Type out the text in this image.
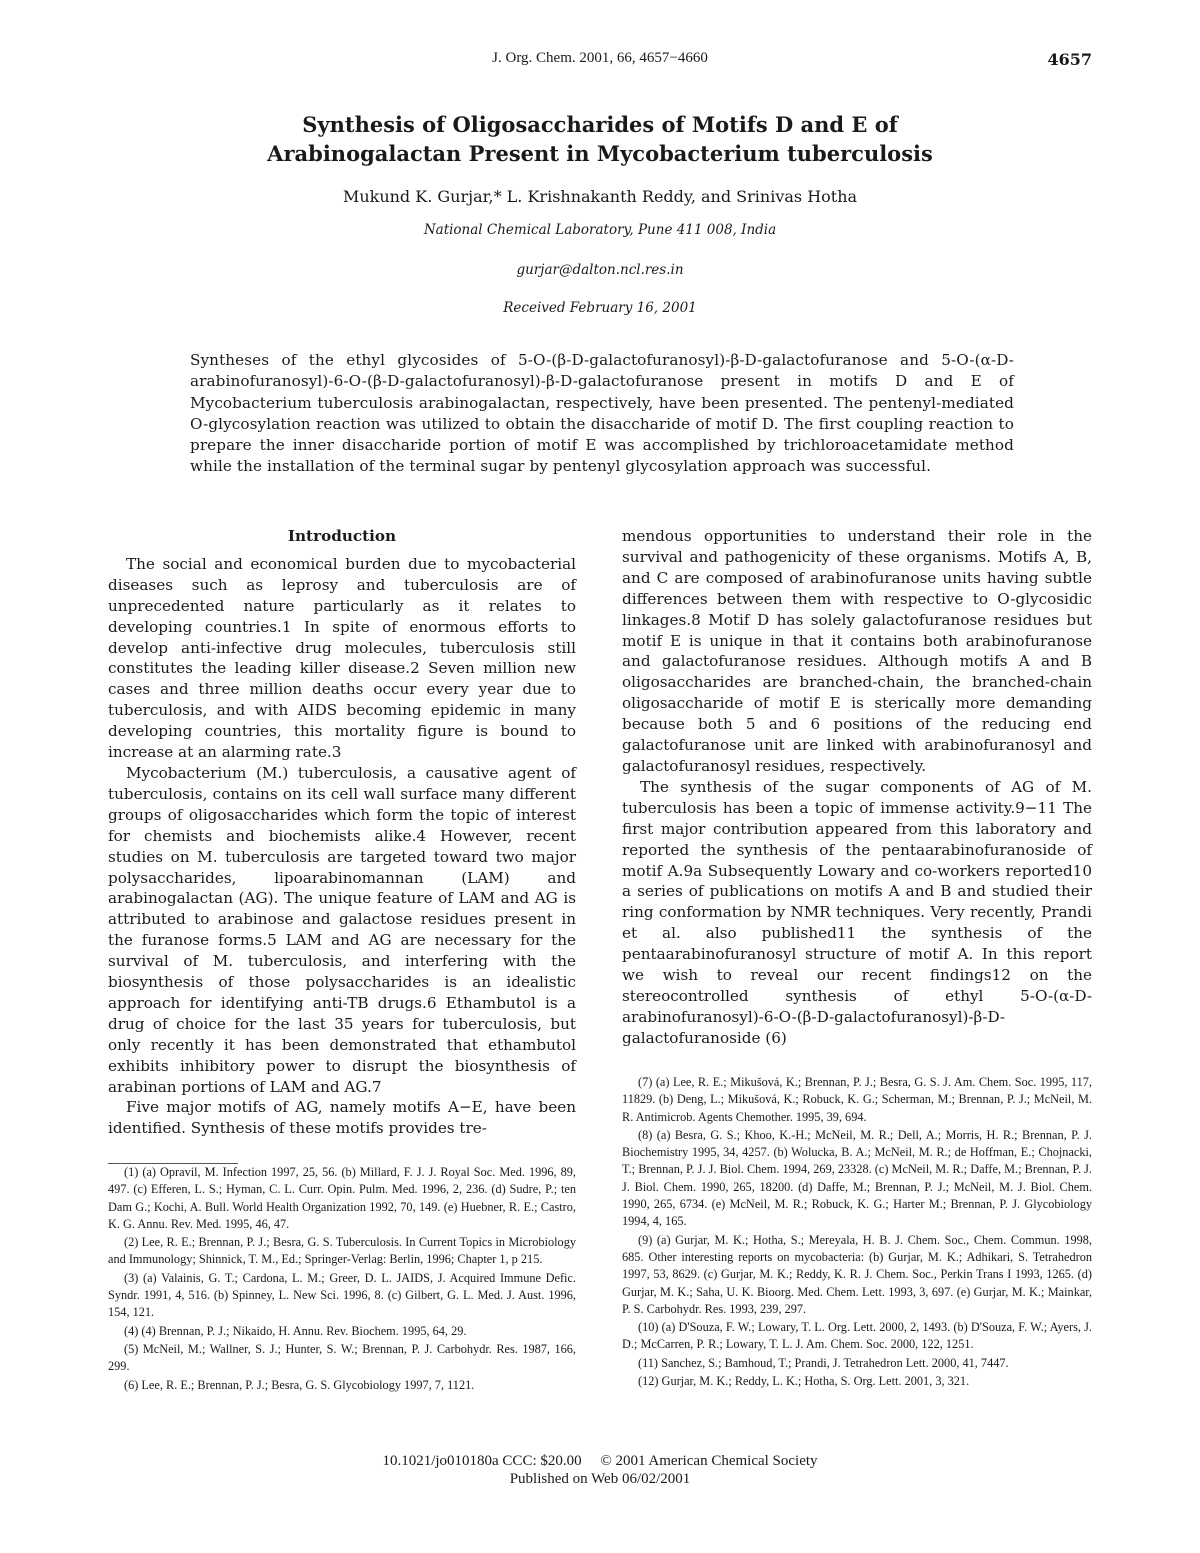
J. Org. Chem. 2001, 66, 4657−4660	4657
Synthesis of Oligosaccharides of Motifs D and E of
Arabinogalactan Present in Mycobacterium tuberculosis
Mukund K. Gurjar,* L. Krishnakanth Reddy, and Srinivas Hotha
National Chemical Laboratory, Pune 411 008, India
gurjar@dalton.ncl.res.in
Received February 16, 2001
Syntheses of the ethyl glycosides of 5-O-(β-D-galactofuranosyl)-β-D-galactofuranose and 5-O-(α-D-arabinofuranosyl)-6-O-(β-D-galactofuranosyl)-β-D-galactofuranose present in motifs D and E of Mycobacterium tuberculosis arabinogalactan, respectively, have been presented. The pentenyl-mediated O-glycosylation reaction was utilized to obtain the disaccharide of motif D. The first coupling reaction to prepare the inner disaccharide portion of motif E was accomplished by trichloroacetamidate method while the installation of the terminal sugar by pentenyl glycosylation approach was successful.
Introduction

The social and economical burden due to mycobacterial diseases such as leprosy and tuberculosis are of unprecedented nature particularly as it relates to developing countries.1 In spite of enormous efforts to develop anti-infective drug molecules, tuberculosis still constitutes the leading killer disease.2 Seven million new cases and three million deaths occur every year due to tuberculosis, and with AIDS becoming epidemic in many developing countries, this mortality figure is bound to increase at an alarming rate.3

Mycobacterium (M.) tuberculosis, a causative agent of tuberculosis, contains on its cell wall surface many different groups of oligosaccharides which form the topic of interest for chemists and biochemists alike.4 However, recent studies on M. tuberculosis are targeted toward two major polysaccharides, lipoarabinomannan (LAM) and arabinogalactan (AG). The unique feature of LAM and AG is attributed to arabinose and galactose residues present in the furanose forms.5 LAM and AG are necessary for the survival of M. tuberculosis, and interfering with the biosynthesis of those polysaccharides is an idealistic approach for identifying anti-TB drugs.6 Ethambutol is a drug of choice for the last 35 years for tuberculosis, but only recently it has been demonstrated that ethambutol exhibits inhibitory power to disrupt the biosynthesis of arabinan portions of LAM and AG.7

Five major motifs of AG, namely motifs A−E, have been identified. Synthesis of these motifs provides tre-

mendous opportunities to understand their role in the survival and pathogenicity of these organisms. Motifs A, B, and C are composed of arabinofuranose units having subtle differences between them with respective to O-glycosidic linkages.8 Motif D has solely galactofuranose residues but motif E is unique in that it contains both arabinofuranose and galactofuranose residues. Although motifs A and B oligosaccharides are branched-chain, the branched-chain oligosaccharide of motif E is sterically more demanding because both 5 and 6 positions of the reducing end galactofuranose unit are linked with arabinofuranosyl and galactofuranosyl residues, respectively.

The synthesis of the sugar components of AG of M. tuberculosis has been a topic of immense activity.9−11 The first major contribution appeared from this laboratory and reported the synthesis of the pentaarabinofuranoside of motif A.9a Subsequently Lowary and co-workers reported10 a series of publications on motifs A and B and studied their ring conformation by NMR techniques. Very recently, Prandi et al. also published11 the synthesis of the pentaarabinofuranosyl structure of motif A. In this report we wish to reveal our recent findings12 on the stereocontrolled synthesis of ethyl 5-O-(α-D-arabinofuranosyl)-6-O-(β-D-galactofuranosyl)-β-D-galactofuranoside (6)

(1) (a) Opravil, M. Infection 1997, 25, 56. (b) Millard, F. J. J. Royal Soc. Med. 1996, 89, 497. (c) Efferen, L. S.; Hyman, C. L. Curr. Opin. Pulm. Med. 1996, 2, 236. (d) Sudre, P.; ten Dam G.; Kochi, A. Bull. World Health Organization 1992, 70, 149. (e) Huebner, R. E.; Castro, K. G. Annu. Rev. Med. 1995, 46, 47.

(2) Lee, R. E.; Brennan, P. J.; Besra, G. S. Tuberculosis. In Current Topics in Microbiology and Immunology; Shinnick, T. M., Ed.; Springer-Verlag: Berlin, 1996; Chapter 1, p 215.

(3) (a) Valainis, G. T.; Cardona, L. M.; Greer, D. L. JAIDS, J. Acquired Immune Defic. Syndr. 1991, 4, 516. (b) Spinney, L. New Sci. 1996, 8. (c) Gilbert, G. L. Med. J. Aust. 1996, 154, 121.

(4) (4) Brennan, P. J.; Nikaido, H. Annu. Rev. Biochem. 1995, 64, 29.

(5) McNeil, M.; Wallner, S. J.; Hunter, S. W.; Brennan, P. J. Carbohydr. Res. 1987, 166, 299.

(6) Lee, R. E.; Brennan, P. J.; Besra, G. S. Glycobiology 1997, 7, 1121.

(7) (a) Lee, R. E.; Mikušová, K.; Brennan, P. J.; Besra, G. S. J. Am. Chem. Soc. 1995, 117, 11829. (b) Deng, L.; Mikušová, K.; Robuck, K. G.; Scherman, M.; Brennan, P. J.; McNeil, M. R. Antimicrob. Agents Chemother. 1995, 39, 694.

(8) (a) Besra, G. S.; Khoo, K.-H.; McNeil, M. R.; Dell, A.; Morris, H. R.; Brennan, P. J. Biochemistry 1995, 34, 4257. (b) Wolucka, B. A.; McNeil, M. R.; de Hoffman, E.; Chojnacki, T.; Brennan, P. J. J. Biol. Chem. 1994, 269, 23328. (c) McNeil, M. R.; Daffe, M.; Brennan, P. J. J. Biol. Chem. 1990, 265, 18200. (d) Daffe, M.; Brennan, P. J.; McNeil, M. J. Biol. Chem. 1990, 265, 6734. (e) McNeil, M. R.; Robuck, K. G.; Harter M.; Brennan, P. J. Glycobiology 1994, 4, 165.

(9) (a) Gurjar, M. K.; Hotha, S.; Mereyala, H. B. J. Chem. Soc., Chem. Commun. 1998, 685. Other interesting reports on mycobacteria: (b) Gurjar, M. K.; Adhikari, S. Tetrahedron 1997, 53, 8629. (c) Gurjar, M. K.; Reddy, K. R. J. Chem. Soc., Perkin Trans I 1993, 1265. (d) Gurjar, M. K.; Saha, U. K. Bioorg. Med. Chem. Lett. 1993, 3, 697. (e) Gurjar, M. K.; Mainkar, P. S. Carbohydr. Res. 1993, 239, 297.

(10) (a) D'Souza, F. W.; Lowary, T. L. Org. Lett. 2000, 2, 1493. (b) D'Souza, F. W.; Ayers, J. D.; McCarren, P. R.; Lowary, T. L. J. Am. Chem. Soc. 2000, 122, 1251.

(11) Sanchez, S.; Bamhoud, T.; Prandi, J. Tetrahedron Lett. 2000, 41, 7447.

(12) Gurjar, M. K.; Reddy, L. K.; Hotha, S. Org. Lett. 2001, 3, 321.

10.1021/jo010180a CCC: $20.00     © 2001 American Chemical Society
Published on Web 06/02/2001
